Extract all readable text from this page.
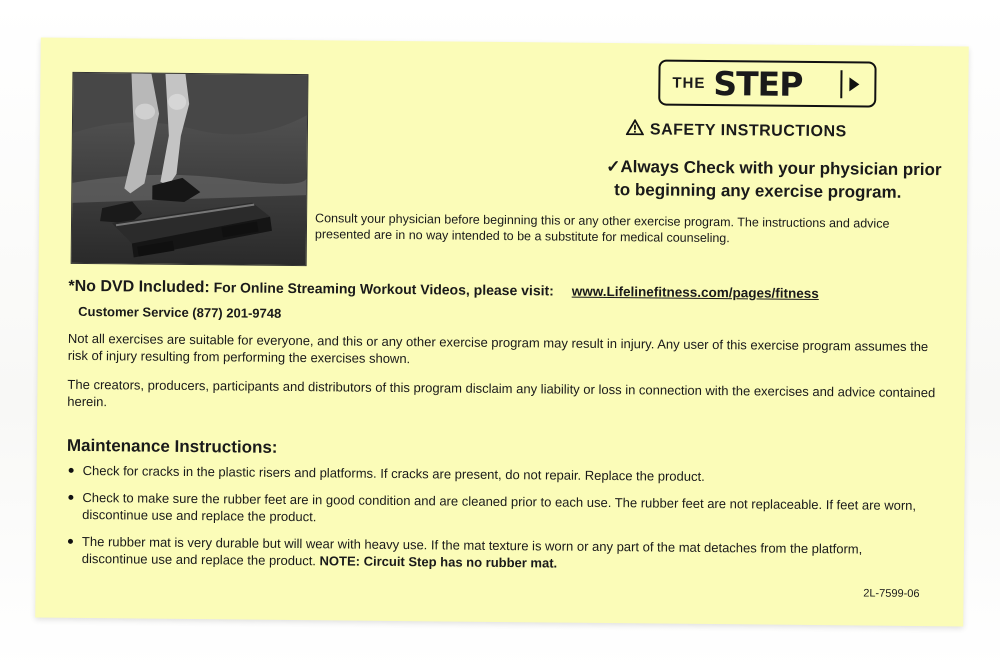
THE STEP
SAFETY INSTRUCTIONS
✓Always Check with your physician prior
to beginning any exercise program.
Consult your physician before beginning this or any other exercise program. The instructions and advice presented are in no way intended to be a substitute for medical counseling.
*No DVD Included: For Online Streaming Workout Videos, please visit: www.Lifelinefitness.com/pages/fitness
Customer Service (877) 201-9748
Not all exercises are suitable for everyone, and this or any other exercise program may result in injury. Any user of this exercise program assumes the risk of injury resulting from performing the exercises shown.
The creators, producers, participants and distributors of this program disclaim any liability or loss in connection with the exercises and advice contained herein.
Maintenance Instructions:
Check for cracks in the plastic risers and platforms. If cracks are present, do not repair. Replace the product.
Check to make sure the rubber feet are in good condition and are cleaned prior to each use. The rubber feet are not replaceable. If feet are worn, discontinue use and replace the product.
The rubber mat is very durable but will wear with heavy use. If the mat texture is worn or any part of the mat detaches from the platform, discontinue use and replace the product. NOTE: Circuit Step has no rubber mat.
2L-7599-06
